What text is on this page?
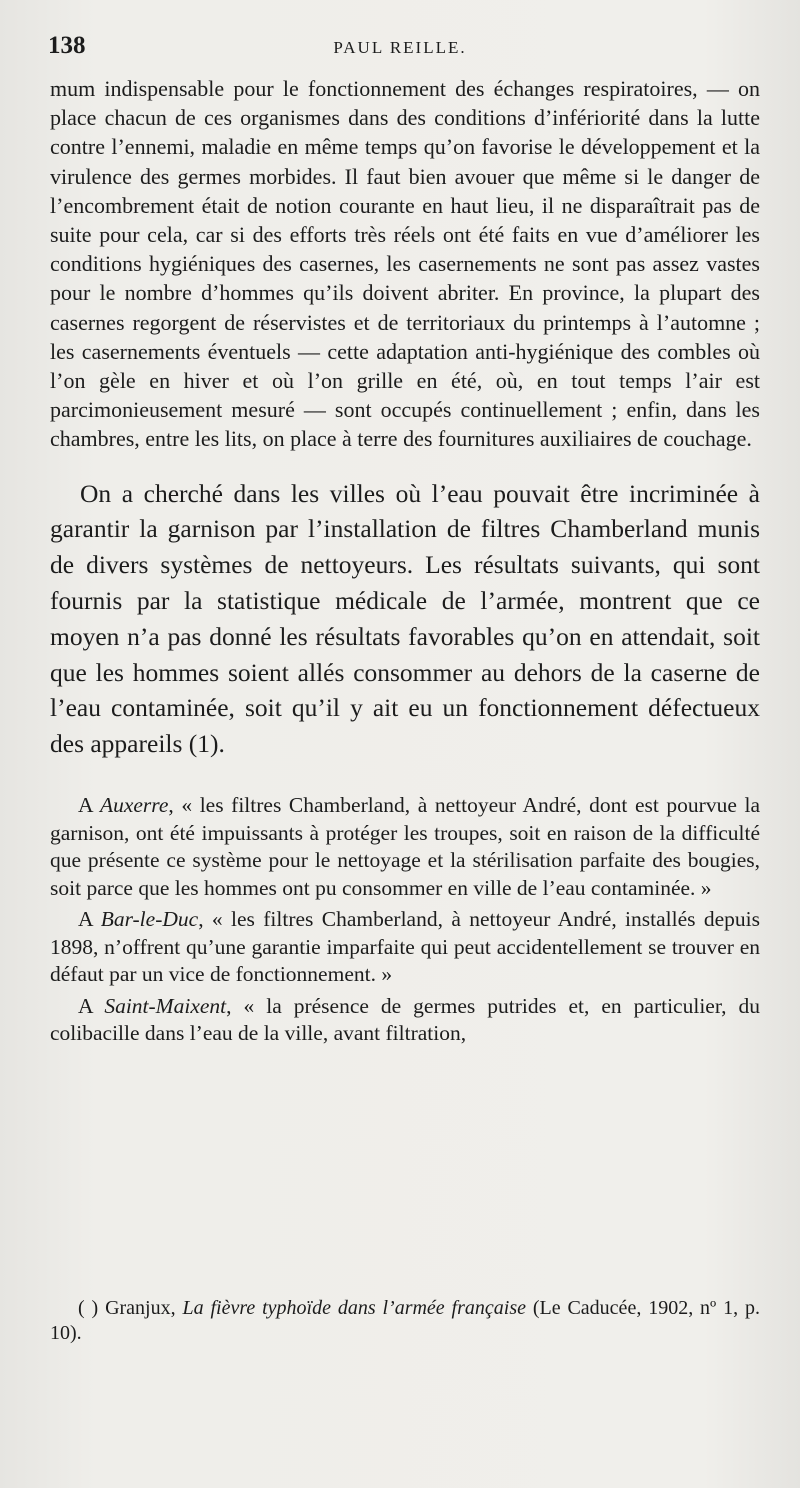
138	PAUL REILLE.

mum indispensable pour le fonctionnement des échanges respiratoires, — on place chacun de ces organismes dans des conditions d’infériorité dans la lutte contre l’ennemi, maladie en même temps qu’on favorise le développement et la virulence des germes morbides. Il faut bien avouer que même si le danger de l’encombrement était de notion courante en haut lieu, il ne disparaîtrait pas de suite pour cela, car si des efforts très réels ont été faits en vue d’améliorer les conditions hygiéniques des casernes, les casernements ne sont pas assez vastes pour le nombre d’hommes qu’ils doivent abriter. En province, la plupart des casernes regorgent de réservistes et de territoriaux du printemps à l’automne ; les casernements éventuels — cette adaptation anti-hygiénique des combles où l’on gèle en hiver et où l’on grille en été, où, en tout temps l’air est parcimonieusement mesuré — sont occupés continuellement ; enfin, dans les chambres, entre les lits, on place à terre des fournitures auxiliaires de couchage.

On a cherché dans les villes où l’eau pouvait être incriminée à garantir la garnison par l’installation de filtres Chamberland munis de divers systèmes de nettoyeurs. Les résultats suivants, qui sont fournis par la statistique médicale de l’armée, montrent que ce moyen n’a pas donné les résultats favorables qu’on en attendait, soit que les hommes soient allés consommer au dehors de la caserne de l’eau contaminée, soit qu’il y ait eu un fonctionnement défectueux des appareils (1).

A Auxerre, « les filtres Chamberland, à nettoyeur André, dont est pourvue la garnison, ont été impuissants à protéger les troupes, soit en raison de la difficulté que présente ce système pour le nettoyage et la stérilisation parfaite des bougies, soit parce que les hommes ont pu consommer en ville de l’eau contaminée. »

A Bar-le-Duc, « les filtres Chamberland, à nettoyeur André, installés depuis 1898, n’offrent qu’une garantie imparfaite qui peut accidentellement se trouver en défaut par un vice de fonctionnement. »

A Saint-Maixent, « la présence de germes putrides et, en particulier, du colibacille dans l’eau de la ville, avant filtration,

( ) Granjux, La fièvre typhoïde dans l’armée française (Le Caducée, 1902, nº 1, p. 10).
